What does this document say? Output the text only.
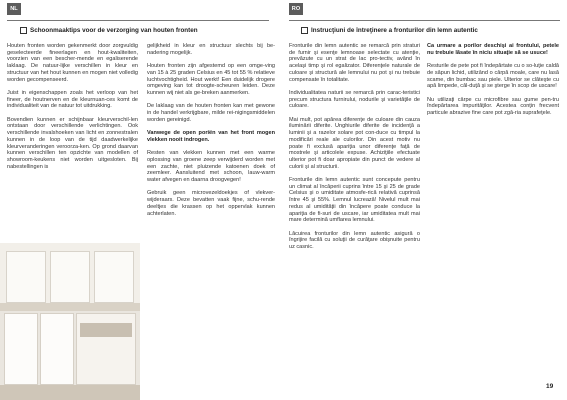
NL	RO
Schoonmaaktips voor de verzorging van houten fronten	Instrucţiuni de întreţinere a fronturilor din lemn autentic

Houten fronten worden gekenmerkt door zorgvuldig geselecteerde fineerlagen en hout-kwaliteiten, voorzien van een bescher-mende en egaliserende laklaag. De natuur-lijke verschillen in kleur en structuur van het hout kunnen en mogen niet volledig worden gecompenseerd.

Juist in eigenschappen zoals het verloop van het fineer, de houtnerven en de kleurnuan-ces komt de individualiteit van de natuur tot uitdrukking.

Bovendien kunnen er schijnbaar kleurverschil-len ontstaan door verschillende verlichtingen. Ook verschillende invalshoeken van licht en zonnestralen kunnen in de loop van de tijd daadwerkelijke kleurveranderingen veroorza-ken. Op grond daarvan kunnen verschillen ten opzichte van modellen of showroom-keukens niet worden uitgesloten. Bij nabestellingen is

gelijkheid in kleur en structuur slechts bij be-nadering mogelijk.

Houten fronten zijn afgestemd op een omge-ving van 15 à 25 graden Celsius en 45 tot 55 % relatieve luchtvochtigheid. Hout werkt! Een duidelijk drogere omgeving kan tot droogte-scheuren leiden. Deze kunnen wij niet als ge-breken aanmerken.

De laklaag van de houten fronten kan met gewone in de handel verkrijgbare, milde rei-nigingsmiddelen worden gereinigd.

Vanwege de open poriën van het front mogen vlekken nooit indrogen.

Resten van vlekken kunnen met een warme oplossing van groene zeep verwijderd worden met een zachte, niet pluizende katoenen doek of zeemleer. Aansluitend met schoon, lauw-warm water afvegen en daarna droogvegen!

Gebruik geen microvezeldoekjes of vlekver-wijderaars. Deze bevatten vaak fijne, schu-rende deeltjes die krassen op het oppervlak kunnen achterlaten.

Fronturile din lemn autentic se remarcă prin straturi de furnir şi esenţe lemnoase selectate cu atenţie, prevăzute cu un strat de lac pro-tectiv, având în acelaşi timp şi rol egalizator. Diferenţele naturale de culoare şi structură ale lemnului nu pot şi nu trebuie compensate în totalitate.

Individualitatea naturii se remarcă prin carac-teristici precum structura furnirului, nodurile şi varietăţile de culoare.

Mai mult, pot apărea diferenţe de culoare din cauza iluminării diferite. Unghiurile diferite de incidenţă a luminii şi a razelor solare pot con-duce cu timpul la modificări reale ale culorilor. Din acest motiv nu poate fi exclusă apariţia unor diferenţe faţă de mostrele şi articolele expuse. Achiziţiile efectuate ulterior pot fi doar apropiate din punct de vedere al culorii şi al structurii.

Fronturile din lemn autentic sunt concepute pentru un climat al încăperii cuprins între 15 şi 25 de grade Celsius şi o umiditate atmosfe-rică relativă cuprinsă între 45 şi 55%. Lemnul lucrează! Nivelul mult mai redus al umidităţii din încăpere poate conduce la apariţia de fi-suri de uscare, iar umiditatea mult mai mare determină umflarea lemnului.

Lăcuirea fronturilor din lemn autentic asigură o îngrijire facilă cu soluţii de curăţare obişnuite pentru uz casnic.

Ca urmare a porilor deschişi ai frontului, petele nu trebuie lăsate în niciu situaţie să se usuce!

Resturile de pete pot fi îndepărtate cu o so-luţie caldă de săpun lichid, utilizând o cârpă moale, care nu lasă scame, din bumbac sau piele. Ulterior se clăteşte cu apă limpede, căl-duţă şi se şterge în scop de uscare!

Nu utilizaţi cârpe cu microfibre sau gume pen-tru îndepărtarea impurităţilor. Acestea conţin frecvent particule abrazive fine care pot zgâ-ria suprafeţele.

19
